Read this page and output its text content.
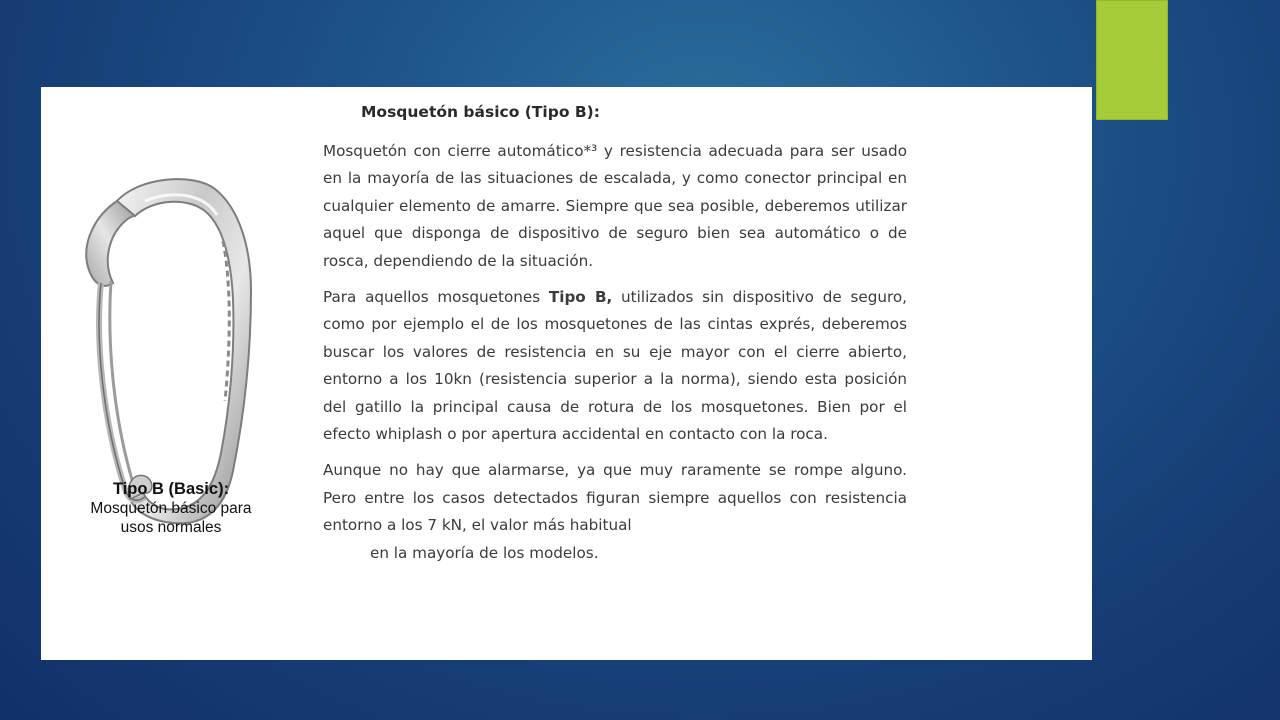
Tipo B (Basic):
Mosquetón básico para
usos normales
Mosquetón básico (Tipo B):

Mosquetón con cierre automático*³ y resistencia adecuada para ser usado en la mayoría de las situaciones de escalada, y como conector principal en cualquier elemento de amarre. Siempre que sea posible, deberemos utilizar aquel que disponga de dispositivo de seguro bien sea automático o de rosca, dependiendo de la situación.

Para aquellos mosquetones Tipo B, utilizados sin dispositivo de seguro, como por ejemplo el de los mosquetones de las cintas exprés, deberemos buscar los valores de resistencia en su eje mayor con el cierre abierto, entorno a los 10kn (resistencia superior a la norma), siendo esta posición del gatillo la principal causa de rotura de los mosquetones. Bien por el efecto whiplash o por apertura accidental en contacto con la roca.

Aunque no hay que alarmarse, ya que muy raramente se rompe alguno. Pero entre los casos detectados figuran siempre aquellos con resistencia entorno a los 7 kN, el valor más habitual
en la mayoría de los modelos.
